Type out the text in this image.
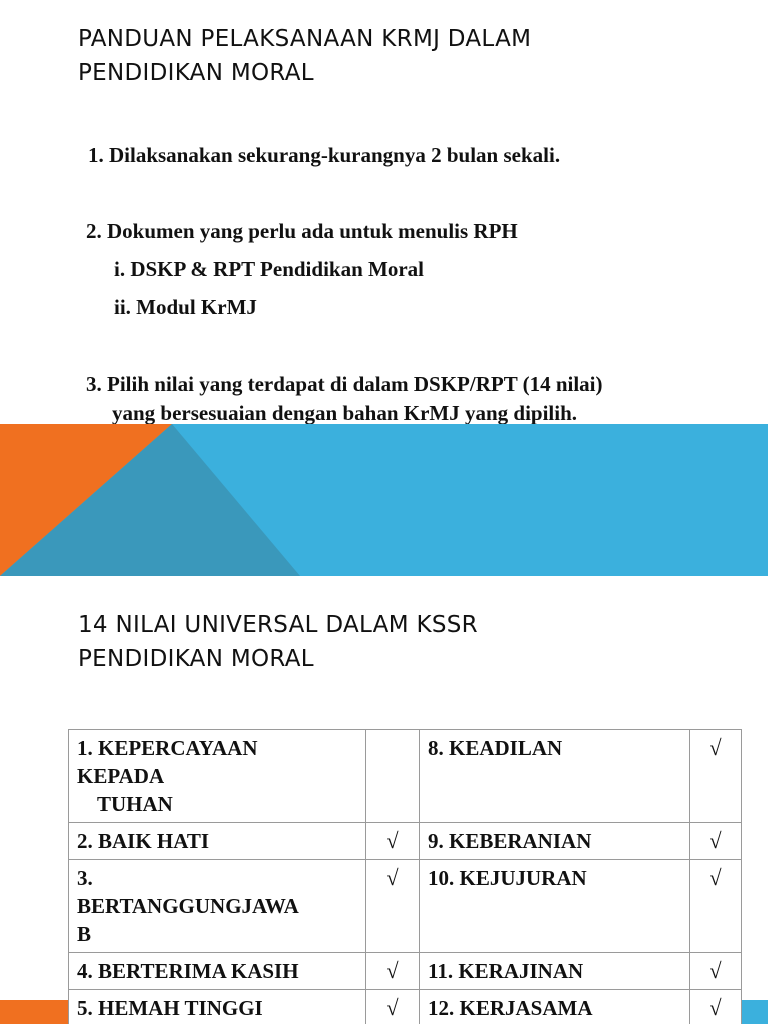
PANDUAN PELAKSANAAN KRMJ DALAM
PENDIDIKAN MORAL
1. Dilaksanakan sekurang-kurangnya 2 bulan sekali.
2. Dokumen yang perlu ada untuk menulis RPH
i. DSKP & RPT Pendidikan Moral
ii. Modul KrMJ
3. Pilih nilai yang terdapat di dalam DSKP/RPT (14 nilai)
yang bersesuaian dengan bahan KrMJ yang dipilih.
14 NILAI UNIVERSAL DALAM KSSR
PENDIDIKAN MORAL
1. KEPERCAYAAN
KEPADA
TUHAN		8. KEADILAN	√
2. BAIK HATI	√	9. KEBERANIAN	√

3.
BERTANGGUNGJAWA
B	√	10. KEJUJURAN	√
4. BERTERIMA KASIH	√	11. KERAJINAN	√
5. HEMAH TINGGI	√	12. KERJASAMA	√
